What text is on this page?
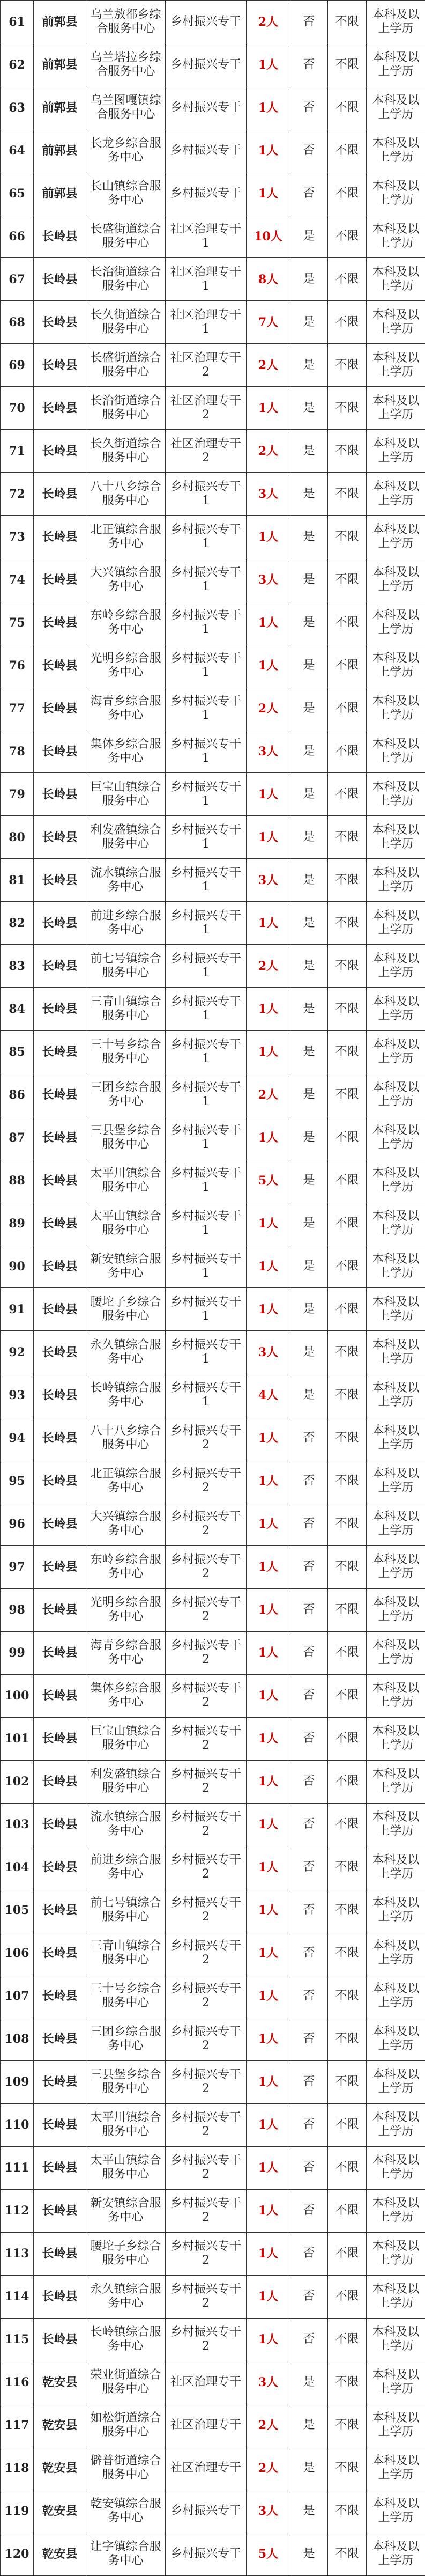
61	前郭县	乌兰敖都乡综合服务中心	乡村振兴专干	2人	否	不限	本科及以上学历
62	前郭县	乌兰塔拉乡综合服务中心	乡村振兴专干	1人	否	不限	本科及以上学历
63	前郭县	乌兰图嘎镇综合服务中心	乡村振兴专干	1人	否	不限	本科及以上学历
64	前郭县	长龙乡综合服务中心	乡村振兴专干	1人	否	不限	本科及以上学历
65	前郭县	长山镇综合服务中心	乡村振兴专干	1人	否	不限	本科及以上学历
66	长岭县	长盛街道综合服务中心	社区治理专干1	10人	是	不限	本科及以上学历
67	长岭县	长治街道综合服务中心	社区治理专干1	8人	是	不限	本科及以上学历
68	长岭县	长久街道综合服务中心	社区治理专干1	7人	是	不限	本科及以上学历
69	长岭县	长盛街道综合服务中心	社区治理专干2	2人	是	不限	本科及以上学历
70	长岭县	长治街道综合服务中心	社区治理专干2	1人	是	不限	本科及以上学历
71	长岭县	长久街道综合服务中心	社区治理专干2	2人	是	不限	本科及以上学历
72	长岭县	八十八乡综合服务中心	乡村振兴专干1	3人	是	不限	本科及以上学历
73	长岭县	北正镇综合服务中心	乡村振兴专干1	1人	是	不限	本科及以上学历
74	长岭县	大兴镇综合服务中心	乡村振兴专干1	3人	是	不限	本科及以上学历
75	长岭县	东岭乡综合服务中心	乡村振兴专干1	1人	是	不限	本科及以上学历
76	长岭县	光明乡综合服务中心	乡村振兴专干1	1人	是	不限	本科及以上学历
77	长岭县	海青乡综合服务中心	乡村振兴专干1	2人	是	不限	本科及以上学历
78	长岭县	集体乡综合服务中心	乡村振兴专干1	3人	是	不限	本科及以上学历
79	长岭县	巨宝山镇综合服务中心	乡村振兴专干1	1人	是	不限	本科及以上学历
80	长岭县	利发盛镇综合服务中心	乡村振兴专干1	1人	是	不限	本科及以上学历
81	长岭县	流水镇综合服务中心	乡村振兴专干1	3人	是	不限	本科及以上学历
82	长岭县	前进乡综合服务中心	乡村振兴专干1	1人	是	不限	本科及以上学历
83	长岭县	前七号镇综合服务中心	乡村振兴专干1	2人	是	不限	本科及以上学历
84	长岭县	三青山镇综合服务中心	乡村振兴专干1	1人	是	不限	本科及以上学历
85	长岭县	三十号乡综合服务中心	乡村振兴专干1	1人	是	不限	本科及以上学历
86	长岭县	三团乡综合服务中心	乡村振兴专干1	2人	是	不限	本科及以上学历
87	长岭县	三县堡乡综合服务中心	乡村振兴专干1	1人	是	不限	本科及以上学历
88	长岭县	太平川镇综合服务中心	乡村振兴专干1	5人	是	不限	本科及以上学历
89	长岭县	太平山镇综合服务中心	乡村振兴专干1	1人	是	不限	本科及以上学历
90	长岭县	新安镇综合服务中心	乡村振兴专干1	1人	是	不限	本科及以上学历
91	长岭县	腰坨子乡综合服务中心	乡村振兴专干1	1人	是	不限	本科及以上学历
92	长岭县	永久镇综合服务中心	乡村振兴专干1	3人	是	不限	本科及以上学历
93	长岭县	长岭镇综合服务中心	乡村振兴专干1	4人	是	不限	本科及以上学历
94	长岭县	八十八乡综合服务中心	乡村振兴专干2	1人	否	不限	本科及以上学历
95	长岭县	北正镇综合服务中心	乡村振兴专干2	1人	否	不限	本科及以上学历
96	长岭县	大兴镇综合服务中心	乡村振兴专干2	1人	否	不限	本科及以上学历
97	长岭县	东岭乡综合服务中心	乡村振兴专干2	1人	否	不限	本科及以上学历
98	长岭县	光明乡综合服务中心	乡村振兴专干2	1人	否	不限	本科及以上学历
99	长岭县	海青乡综合服务中心	乡村振兴专干2	1人	否	不限	本科及以上学历
100	长岭县	集体乡综合服务中心	乡村振兴专干2	1人	否	不限	本科及以上学历
101	长岭县	巨宝山镇综合服务中心	乡村振兴专干2	1人	否	不限	本科及以上学历
102	长岭县	利发盛镇综合服务中心	乡村振兴专干2	1人	否	不限	本科及以上学历
103	长岭县	流水镇综合服务中心	乡村振兴专干2	1人	否	不限	本科及以上学历
104	长岭县	前进乡综合服务中心	乡村振兴专干2	1人	否	不限	本科及以上学历
105	长岭县	前七号镇综合服务中心	乡村振兴专干2	1人	否	不限	本科及以上学历
106	长岭县	三青山镇综合服务中心	乡村振兴专干2	1人	否	不限	本科及以上学历
107	长岭县	三十号乡综合服务中心	乡村振兴专干2	1人	否	不限	本科及以上学历
108	长岭县	三团乡综合服务中心	乡村振兴专干2	1人	否	不限	本科及以上学历
109	长岭县	三县堡乡综合服务中心	乡村振兴专干2	1人	否	不限	本科及以上学历
110	长岭县	太平川镇综合服务中心	乡村振兴专干2	1人	否	不限	本科及以上学历
111	长岭县	太平山镇综合服务中心	乡村振兴专干2	1人	否	不限	本科及以上学历
112	长岭县	新安镇综合服务中心	乡村振兴专干2	1人	否	不限	本科及以上学历
113	长岭县	腰坨子乡综合服务中心	乡村振兴专干2	1人	否	不限	本科及以上学历
114	长岭县	永久镇综合服务中心	乡村振兴专干2	1人	否	不限	本科及以上学历
115	长岭县	长岭镇综合服务中心	乡村振兴专干2	1人	否	不限	本科及以上学历
116	乾安县	荣业街道综合服务中心	社区治理专干	3人	是	不限	本科及以上学历
117	乾安县	如松街道综合服务中心	社区治理专干	2人	是	不限	本科及以上学历
118	乾安县	僻普街道综合服务中心	社区治理专干	2人	是	不限	本科及以上学历
119	乾安县	乾安镇综合服务中心	乡村振兴专干	3人	是	不限	本科及以上学历
120	乾安县	让字镇综合服务中心	乡村振兴专干	5人	是	不限	本科及以上学历
